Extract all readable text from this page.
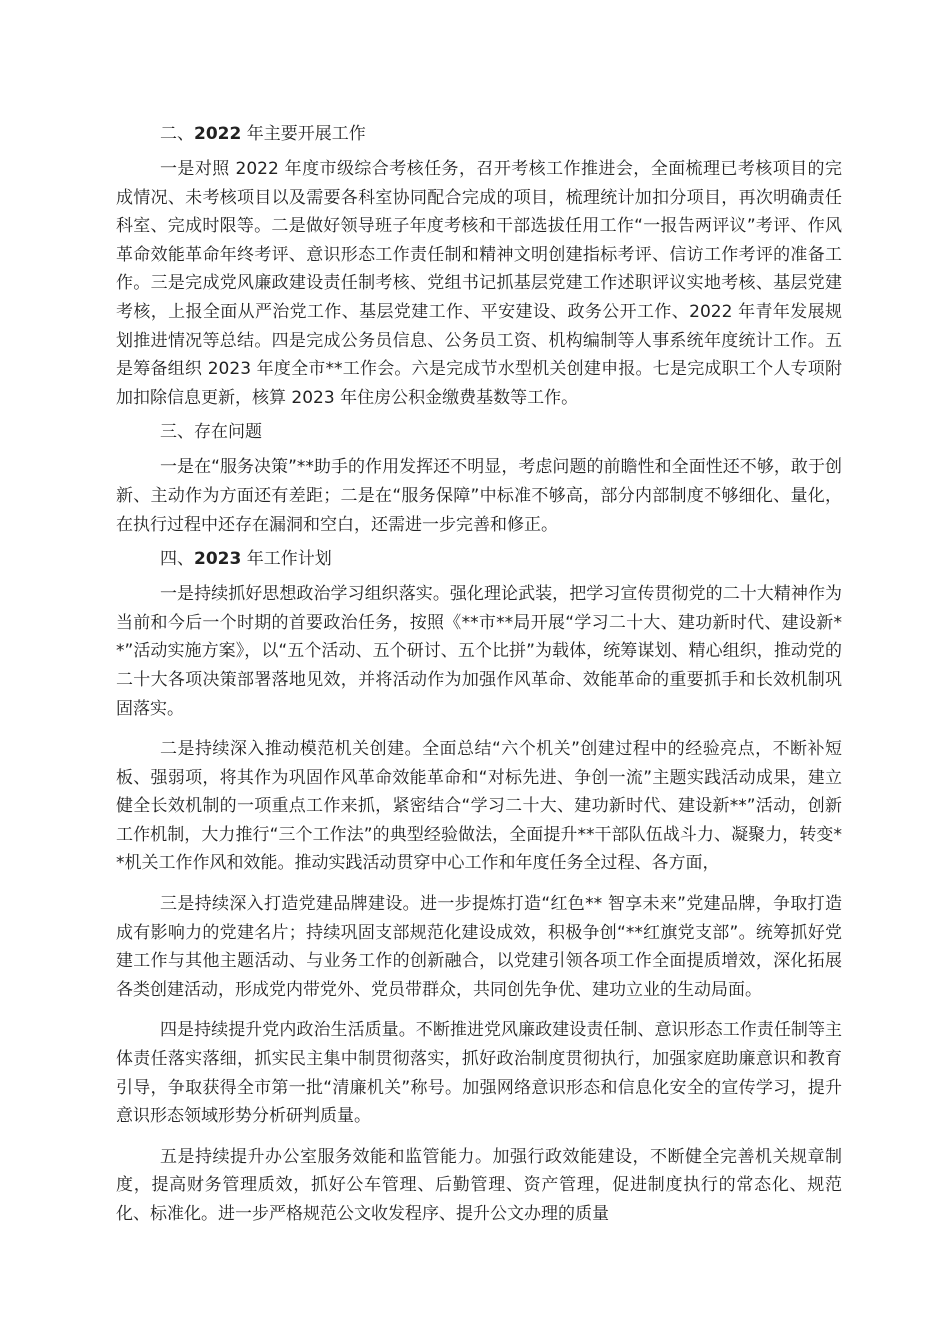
二、2022 年主要开展工作

一是对照 2022 年度市级综合考核任务，召开考核工作推进会，全面梳理已考核项目的完成情况、未考核项目以及需要各科室协同配合完成的项目，梳理统计加扣分项目，再次明确责任科室、完成时限等。二是做好领导班子年度考核和干部选拔任用工作“一报告两评议”考评、作风革命效能革命年终考评、意识形态工作责任制和精神文明创建指标考评、信访工作考评的准备工作。三是完成党风廉政建设责任制考核、党组书记抓基层党建工作述职评议实地考核、基层党建考核，上报全面从严治党工作、基层党建工作、平安建设、政务公开工作、2022 年青年发展规划推进情况等总结。四是完成公务员信息、公务员工资、机构编制等人事系统年度统计工作。五是筹备组织 2023 年度全市**工作会。六是完成节水型机关创建申报。七是完成职工个人专项附加扣除信息更新，核算 2023 年住房公积金缴费基数等工作。

三、存在问题

一是在“服务决策”**助手的作用发挥还不明显，考虑问题的前瞻性和全面性还不够，敢于创新、主动作为方面还有差距；二是在“服务保障”中标准不够高，部分内部制度不够细化、量化，在执行过程中还存在漏洞和空白，还需进一步完善和修正。

四、2023 年工作计划

一是持续抓好思想政治学习组织落实。强化理论武装，把学习宣传贯彻党的二十大精神作为当前和今后一个时期的首要政治任务，按照《**市**局开展“学习二十大、建功新时代、建设新**”活动实施方案》，以“五个活动、五个研讨、五个比拼”为载体，统筹谋划、精心组织，推动党的二十大各项决策部署落地见效，并将活动作为加强作风革命、效能革命的重要抓手和长效机制巩固落实。

二是持续深入推动模范机关创建。全面总结“六个机关”创建过程中的经验亮点，不断补短板、强弱项，将其作为巩固作风革命效能革命和“对标先进、争创一流”主题实践活动成果，建立健全长效机制的一项重点工作来抓，紧密结合“学习二十大、建功新时代、建设新**”活动，创新工作机制，大力推行“三个工作法”的典型经验做法，全面提升**干部队伍战斗力、凝聚力，转变**机关工作作风和效能。推动实践活动贯穿中心工作和年度任务全过程、各方面，

三是持续深入打造党建品牌建设。进一步提炼打造“红色** 智享未来”党建品牌，争取打造成有影响力的党建名片；持续巩固支部规范化建设成效，积极争创“**红旗党支部”。统筹抓好党建工作与其他主题活动、与业务工作的创新融合，以党建引领各项工作全面提质增效，深化拓展各类创建活动，形成党内带党外、党员带群众，共同创先争优、建功立业的生动局面。

四是持续提升党内政治生活质量。不断推进党风廉政建设责任制、意识形态工作责任制等主体责任落实落细，抓实民主集中制贯彻落实，抓好政治制度贯彻执行，加强家庭助廉意识和教育引导，争取获得全市第一批“清廉机关”称号。加强网络意识形态和信息化安全的宣传学习，提升意识形态领域形势分析研判质量。

五是持续提升办公室服务效能和监管能力。加强行政效能建设，不断健全完善机关规章制度，提高财务管理质效，抓好公车管理、后勤管理、资产管理，促进制度执行的常态化、规范化、标准化。进一步严格规范公文收发程序、提升公文办理的质量
